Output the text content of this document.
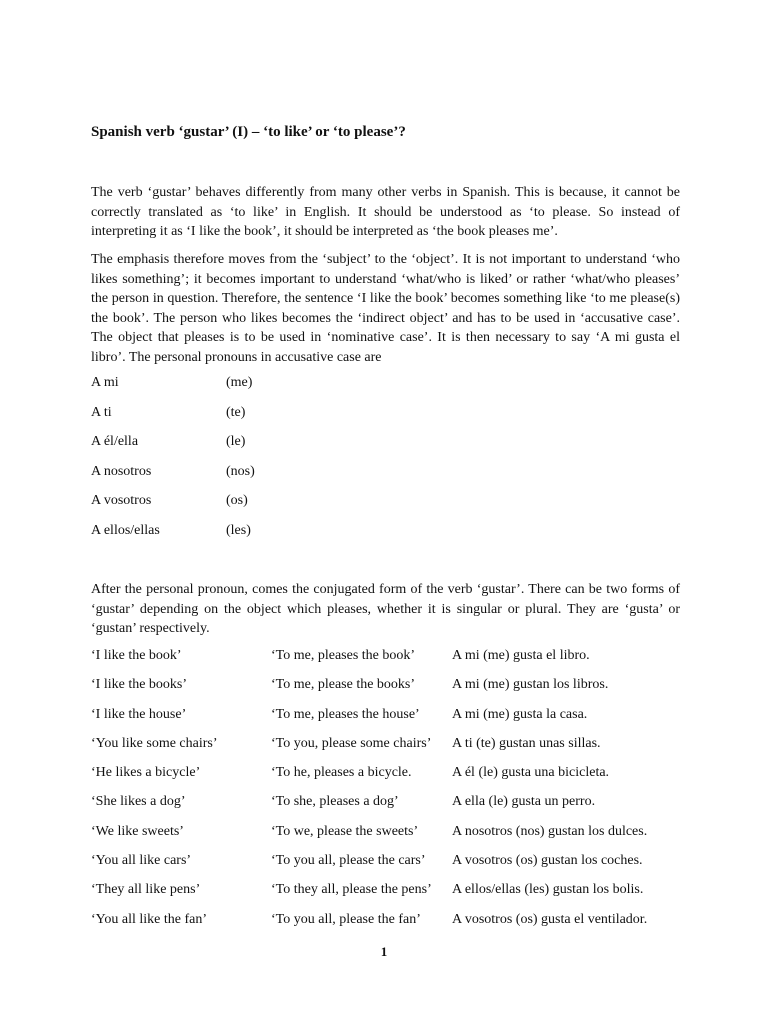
Spanish verb ‘gustar’ (I) – ‘to like’ or ‘to please’?

The verb ‘gustar’ behaves differently from many other verbs in Spanish. This is because, it cannot be correctly translated as ‘to like’ in English. It should be understood as ‘to please. So instead of interpreting it as ‘I like the book’, it should be interpreted as ‘the book pleases me’.

The emphasis therefore moves from the ‘subject’ to the ‘object’. It is not important to understand ‘who likes something’; it becomes important to understand ‘what/who is liked’ or rather ‘what/who pleases’ the person in question. Therefore, the sentence ‘I like the book’ becomes something like ‘to me please(s) the book’. The person who likes becomes the ‘indirect object’ and has to be used in ‘accusative case’. The object that pleases is to be used in ‘nominative case’. It is then necessary to say ‘A mi gusta el libro’. The personal pronouns in accusative case are

A mi	(me)
A ti	(te)
A él/ella	(le)
A nosotros	(nos)
A vosotros	(os)
A ellos/ellas	(les)

After the personal pronoun, comes the conjugated form of the verb ‘gustar’. There can be two forms of ‘gustar’ depending on the object which pleases, whether it is singular or plural. They are ‘gusta’ or ‘gustan’ respectively.

‘I like the book’	‘To me, pleases the book’	A mi (me) gusta el libro.
‘I like the books’	‘To me, please the books’	A mi (me) gustan los libros.
‘I like the house’	‘To me, pleases the house’ A mi (me) gusta la casa.
‘You like some chairs’	‘To you, please some chairs’ A ti (te) gustan unas sillas.
‘He likes a bicycle’	‘To he, pleases a bicycle.	A él (le) gusta una bicicleta.
‘She likes a dog’	‘To she, pleases a dog’	A ella (le) gusta un perro.
‘We like sweets’	‘To we, please the sweets’ A nosotros (nos) gustan los dulces.
‘You all like cars’	‘To you all, please the cars’ A vosotros (os) gustan los coches.
‘They all like pens’	‘To they all, please the pens’ A ellos/ellas (les) gustan los bolis.
‘You all like the fan’	‘To you all, please the fan’ A vosotros (os) gusta el ventilador.
1
